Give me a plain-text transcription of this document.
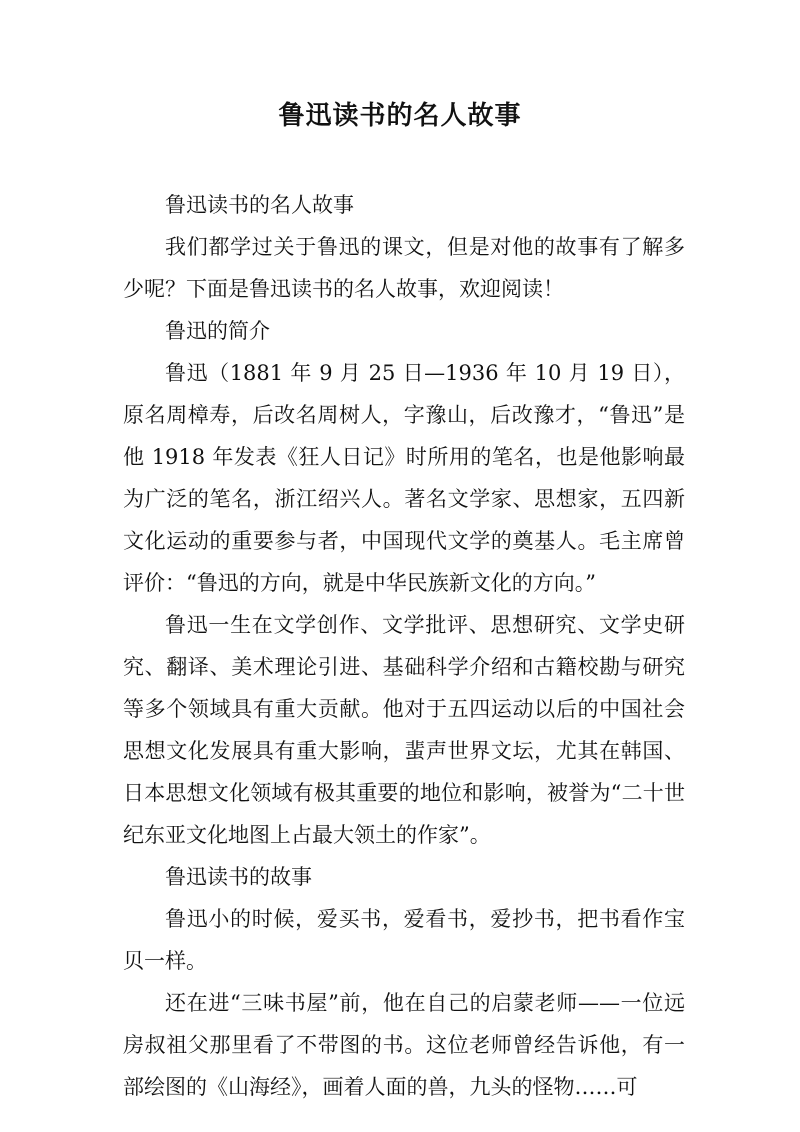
鲁迅读书的名人故事

鲁迅读书的名人故事

我们都学过关于鲁迅的课文，但是对他的故事有了解多少呢？下面是鲁迅读书的名人故事，欢迎阅读！

鲁迅的简介

鲁迅（1881 年 9 月 25 日—1936 年 10 月 19 日），原名周樟寿，后改名周树人，字豫山，后改豫才，“鲁迅”是他 1918 年发表《狂人日记》时所用的笔名，也是他影响最为广泛的笔名，浙江绍兴人。著名文学家、思想家，五四新文化运动的重要参与者，中国现代文学的奠基人。毛主席曾评价：“鲁迅的方向，就是中华民族新文化的方向。”

鲁迅一生在文学创作、文学批评、思想研究、文学史研究、翻译、美术理论引进、基础科学介绍和古籍校勘与研究等多个领域具有重大贡献。他对于五四运动以后的中国社会思想文化发展具有重大影响，蜚声世界文坛，尤其在韩国、日本思想文化领域有极其重要的地位和影响，被誉为“二十世纪东亚文化地图上占最大领土的作家”。

鲁迅读书的故事

鲁迅小的时候，爱买书，爱看书，爱抄书，把书看作宝贝一样。

还在进“三味书屋”前，他在自己的启蒙老师——一位远房叔祖父那里看了不带图的书。这位老师曾经告诉他，有一部绘图的《山海经》，画着人面的兽，九头的怪物……可
